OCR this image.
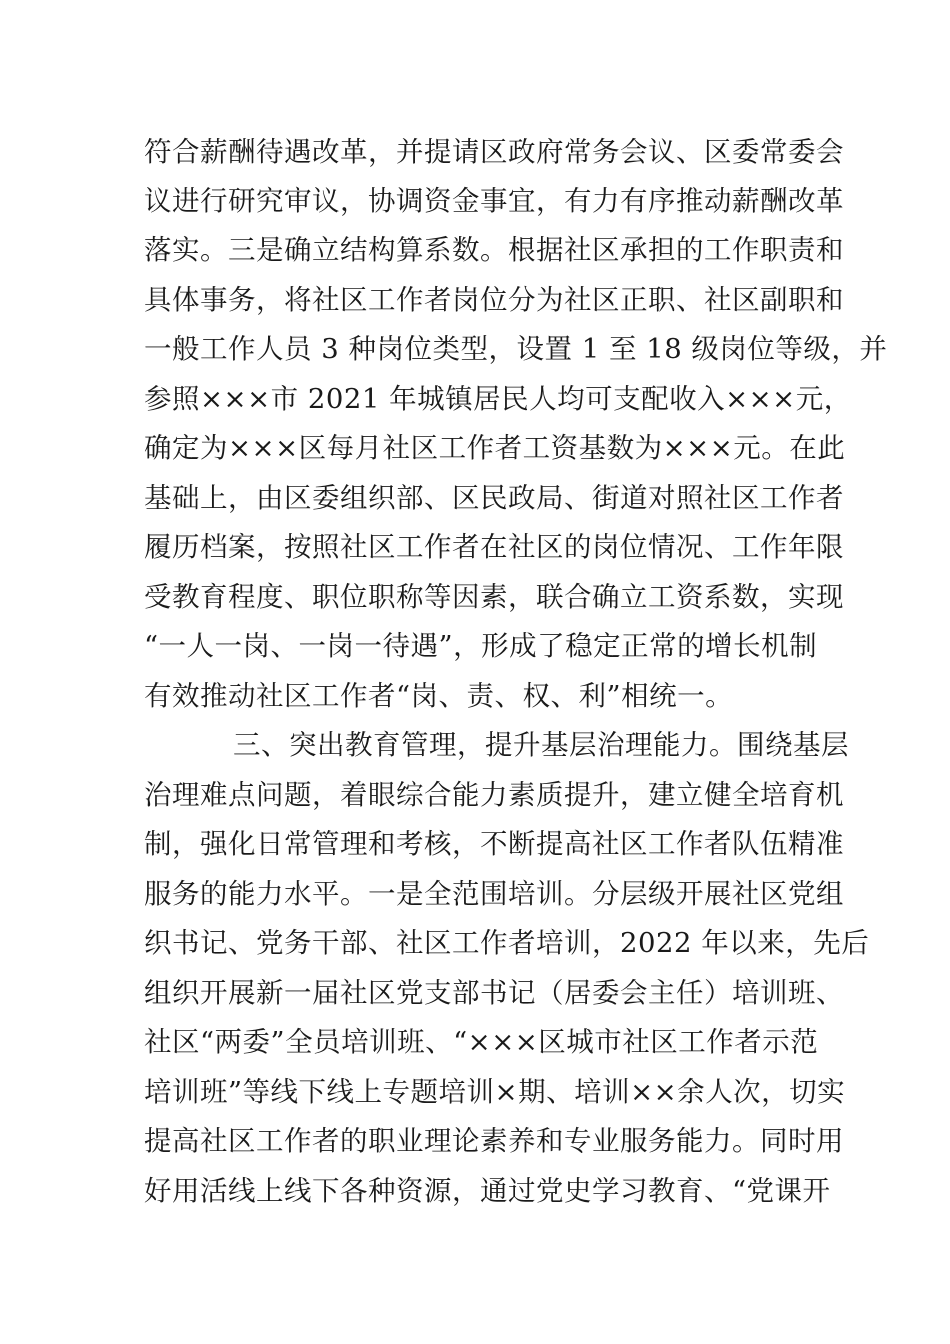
符合薪酬待遇改革，并提请区政府常务会议、区委常委会
议进行研究审议，协调资金事宜，有力有序推动薪酬改革
落实。三是确立结构算系数。根据社区承担的工作职责和
具体事务，将社区工作者岗位分为社区正职、社区副职和
一般工作人员 3 种岗位类型，设置 1 至 18 级岗位等级，并
参照×××市 2021 年城镇居民人均可支配收入×××元，
确定为×××区每月社区工作者工资基数为×××元。在此
基础上，由区委组织部、区民政局、街道对照社区工作者
履历档案，按照社区工作者在社区的岗位情况、工作年限
受教育程度、职位职称等因素，联合确立工资系数，实现
“一人一岗、一岗一待遇”，形成了稳定正常的增长机制
有效推动社区工作者“岗、责、权、利”相统一。
三、突出教育管理，提升基层治理能力。围绕基层
治理难点问题，着眼综合能力素质提升，建立健全培育机
制，强化日常管理和考核，不断提高社区工作者队伍精准
服务的能力水平。一是全范围培训。分层级开展社区党组
织书记、党务干部、社区工作者培训，2022 年以来，先后
组织开展新一届社区党支部书记（居委会主任）培训班、
社区“两委”全员培训班、“×××区城市社区工作者示范
培训班”等线下线上专题培训×期、培训××余人次，切实
提高社区工作者的职业理论素养和专业服务能力。同时用
好用活线上线下各种资源，通过党史学习教育、“党课开
